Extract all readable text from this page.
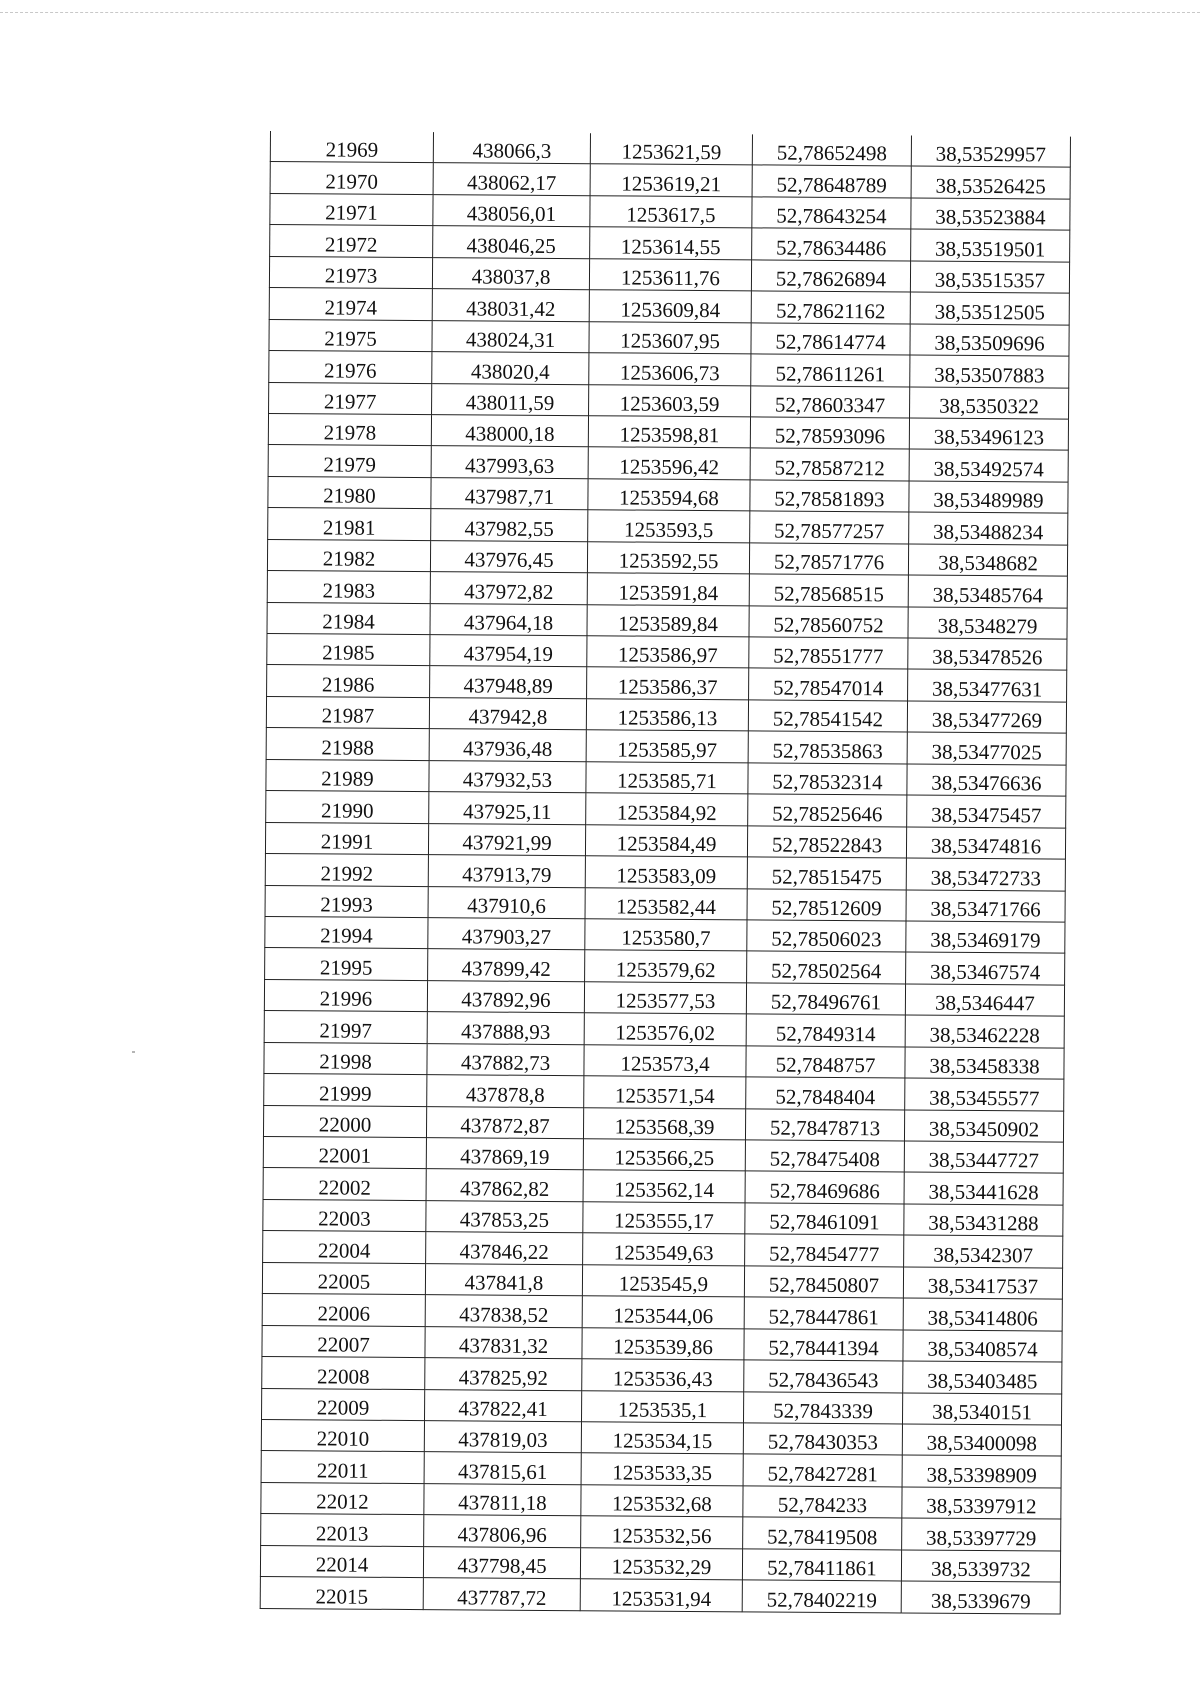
21969	438066,3	1253621,59	52,78652498	38,53529957
21970	438062,17	1253619,21	52,78648789	38,53526425
21971	438056,01	1253617,5	52,78643254	38,53523884
21972	438046,25	1253614,55	52,78634486	38,53519501
21973	438037,8	1253611,76	52,78626894	38,53515357
21974	438031,42	1253609,84	52,78621162	38,53512505
21975	438024,31	1253607,95	52,78614774	38,53509696
21976	438020,4	1253606,73	52,78611261	38,53507883
21977	438011,59	1253603,59	52,78603347	38,5350322
21978	438000,18	1253598,81	52,78593096	38,53496123
21979	437993,63	1253596,42	52,78587212	38,53492574
21980	437987,71	1253594,68	52,78581893	38,53489989
21981	437982,55	1253593,5	52,78577257	38,53488234
21982	437976,45	1253592,55	52,78571776	38,5348682
21983	437972,82	1253591,84	52,78568515	38,53485764
21984	437964,18	1253589,84	52,78560752	38,5348279
21985	437954,19	1253586,97	52,78551777	38,53478526
21986	437948,89	1253586,37	52,78547014	38,53477631
21987	437942,8	1253586,13	52,78541542	38,53477269
21988	437936,48	1253585,97	52,78535863	38,53477025
21989	437932,53	1253585,71	52,78532314	38,53476636
21990	437925,11	1253584,92	52,78525646	38,53475457
21991	437921,99	1253584,49	52,78522843	38,53474816
21992	437913,79	1253583,09	52,78515475	38,53472733
21993	437910,6	1253582,44	52,78512609	38,53471766
21994	437903,27	1253580,7	52,78506023	38,53469179
21995	437899,42	1253579,62	52,78502564	38,53467574
21996	437892,96	1253577,53	52,78496761	38,5346447
21997	437888,93	1253576,02	52,7849314	38,53462228
21998	437882,73	1253573,4	52,7848757	38,53458338
21999	437878,8	1253571,54	52,7848404	38,53455577
22000	437872,87	1253568,39	52,78478713	38,53450902
22001	437869,19	1253566,25	52,78475408	38,53447727
22002	437862,82	1253562,14	52,78469686	38,53441628
22003	437853,25	1253555,17	52,78461091	38,53431288
22004	437846,22	1253549,63	52,78454777	38,5342307
22005	437841,8	1253545,9	52,78450807	38,53417537
22006	437838,52	1253544,06	52,78447861	38,53414806
22007	437831,32	1253539,86	52,78441394	38,53408574
22008	437825,92	1253536,43	52,78436543	38,53403485
22009	437822,41	1253535,1	52,7843339	38,5340151
22010	437819,03	1253534,15	52,78430353	38,53400098
22011	437815,61	1253533,35	52,78427281	38,53398909
22012	437811,18	1253532,68	52,784233	38,53397912
22013	437806,96	1253532,56	52,78419508	38,53397729
22014	437798,45	1253532,29	52,78411861	38,5339732
22015	437787,72	1253531,94	52,78402219	38,5339679
